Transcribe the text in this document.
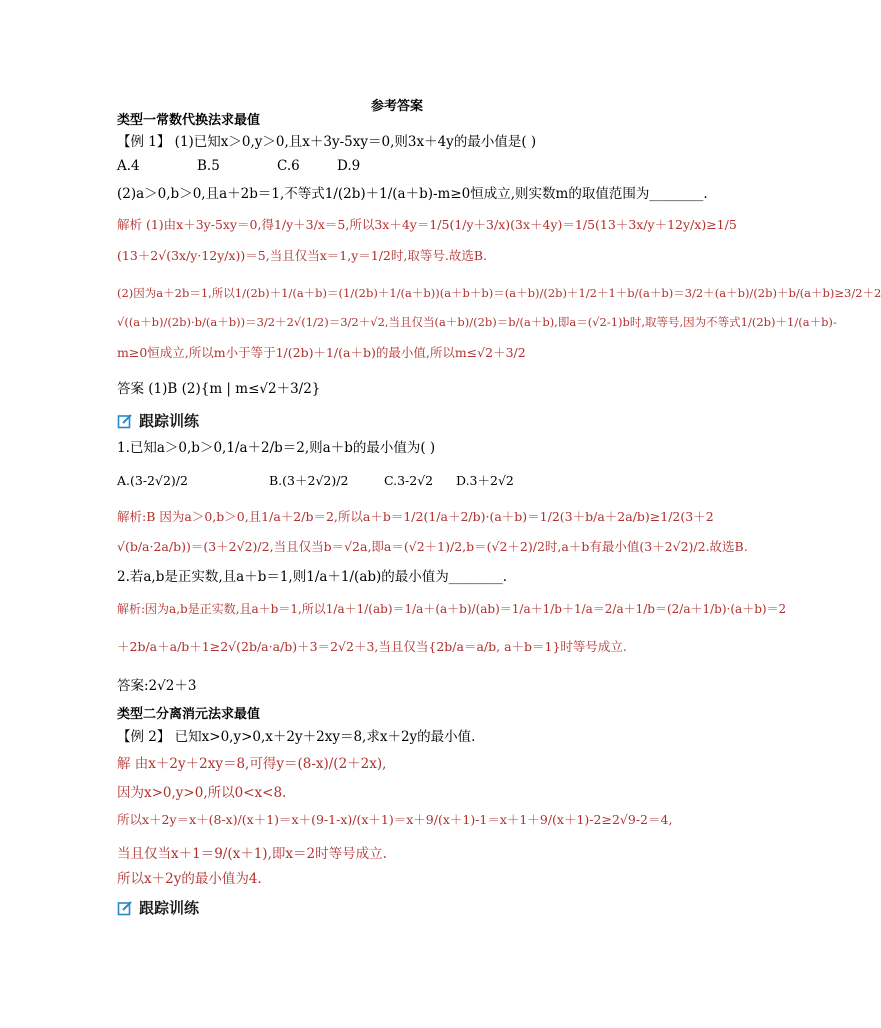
参考答案
类型一常数代换法求最值
【例 1】 (1)已知x＞0,y＞0,且x＋3y-5xy＝0,则3x＋4y的最小值是( )
A.4	B.5	C.6	D.9
(2)a＞0,b＞0,且a＋2b＝1,不等式1/(2b)＋1/(a＋b)-m≥0恒成立,则实数m的取值范围为________.
解析 (1)由x＋3y-5xy＝0,得1/y＋3/x＝5,所以3x＋4y＝1/5(1/y＋3/x)(3x＋4y)＝1/5(13＋3x/y＋12y/x)≥1/5
(13＋2√(3x/y·12y/x))＝5,当且仅当x＝1,y＝1/2时,取等号.故选B.
(2)因为a＋2b＝1,所以1/(2b)＋1/(a＋b)＝(1/(2b)＋1/(a＋b))(a＋b＋b)＝(a＋b)/(2b)＋1/2＋1＋b/(a＋b)＝3/2＋(a＋b)/(2b)＋b/(a＋b)≥3/2＋2
√((a＋b)/(2b)·b/(a＋b))＝3/2＋2√(1/2)＝3/2＋√2,当且仅当(a＋b)/(2b)＝b/(a＋b),即a＝(√2-1)b时,取等号,因为不等式1/(2b)＋1/(a＋b)-
m≥0恒成立,所以m小于等于1/(2b)＋1/(a＋b)的最小值,所以m≤√2＋3/2
答案 (1)B (2){m | m≤√2＋3/2}
跟踪训练
1.已知a＞0,b＞0,1/a＋2/b＝2,则a＋b的最小值为( )
A.(3-2√2)/2	B.(3＋2√2)/2	C.3-2√2 D.3＋2√2
解析:B 因为a＞0,b＞0,且1/a＋2/b＝2,所以a＋b＝1/2(1/a＋2/b)·(a＋b)＝1/2(3＋b/a＋2a/b)≥1/2(3＋2
√(b/a·2a/b))＝(3＋2√2)/2,当且仅当b＝√2a,即a＝(√2＋1)/2,b＝(√2＋2)/2时,a＋b有最小值(3＋2√2)/2.故选B.
2.若a,b是正实数,且a＋b＝1,则1/a＋1/(ab)的最小值为________.
解析:因为a,b是正实数,且a＋b＝1,所以1/a＋1/(ab)＝1/a＋(a＋b)/(ab)＝1/a＋1/b＋1/a＝2/a＋1/b＝(2/a＋1/b)·(a＋b)＝2
＋2b/a＋a/b＋1≥2√(2b/a·a/b)＋3＝2√2＋3,当且仅当{2b/a＝a/b, a＋b＝1}时等号成立.
答案:2√2＋3
类型二分离消元法求最值
【例 2】 已知x>0,y>0,x＋2y＋2xy＝8,求x＋2y的最小值.
解 由x＋2y＋2xy＝8,可得y＝(8-x)/(2＋2x),
因为x>0,y>0,所以0<x<8.
所以x＋2y＝x＋(8-x)/(x＋1)＝x＋(9-1-x)/(x＋1)＝x＋9/(x＋1)-1＝x＋1＋9/(x＋1)-2≥2√9-2＝4,
当且仅当x＋1＝9/(x＋1),即x＝2时等号成立.
所以x＋2y的最小值为4.
跟踪训练
